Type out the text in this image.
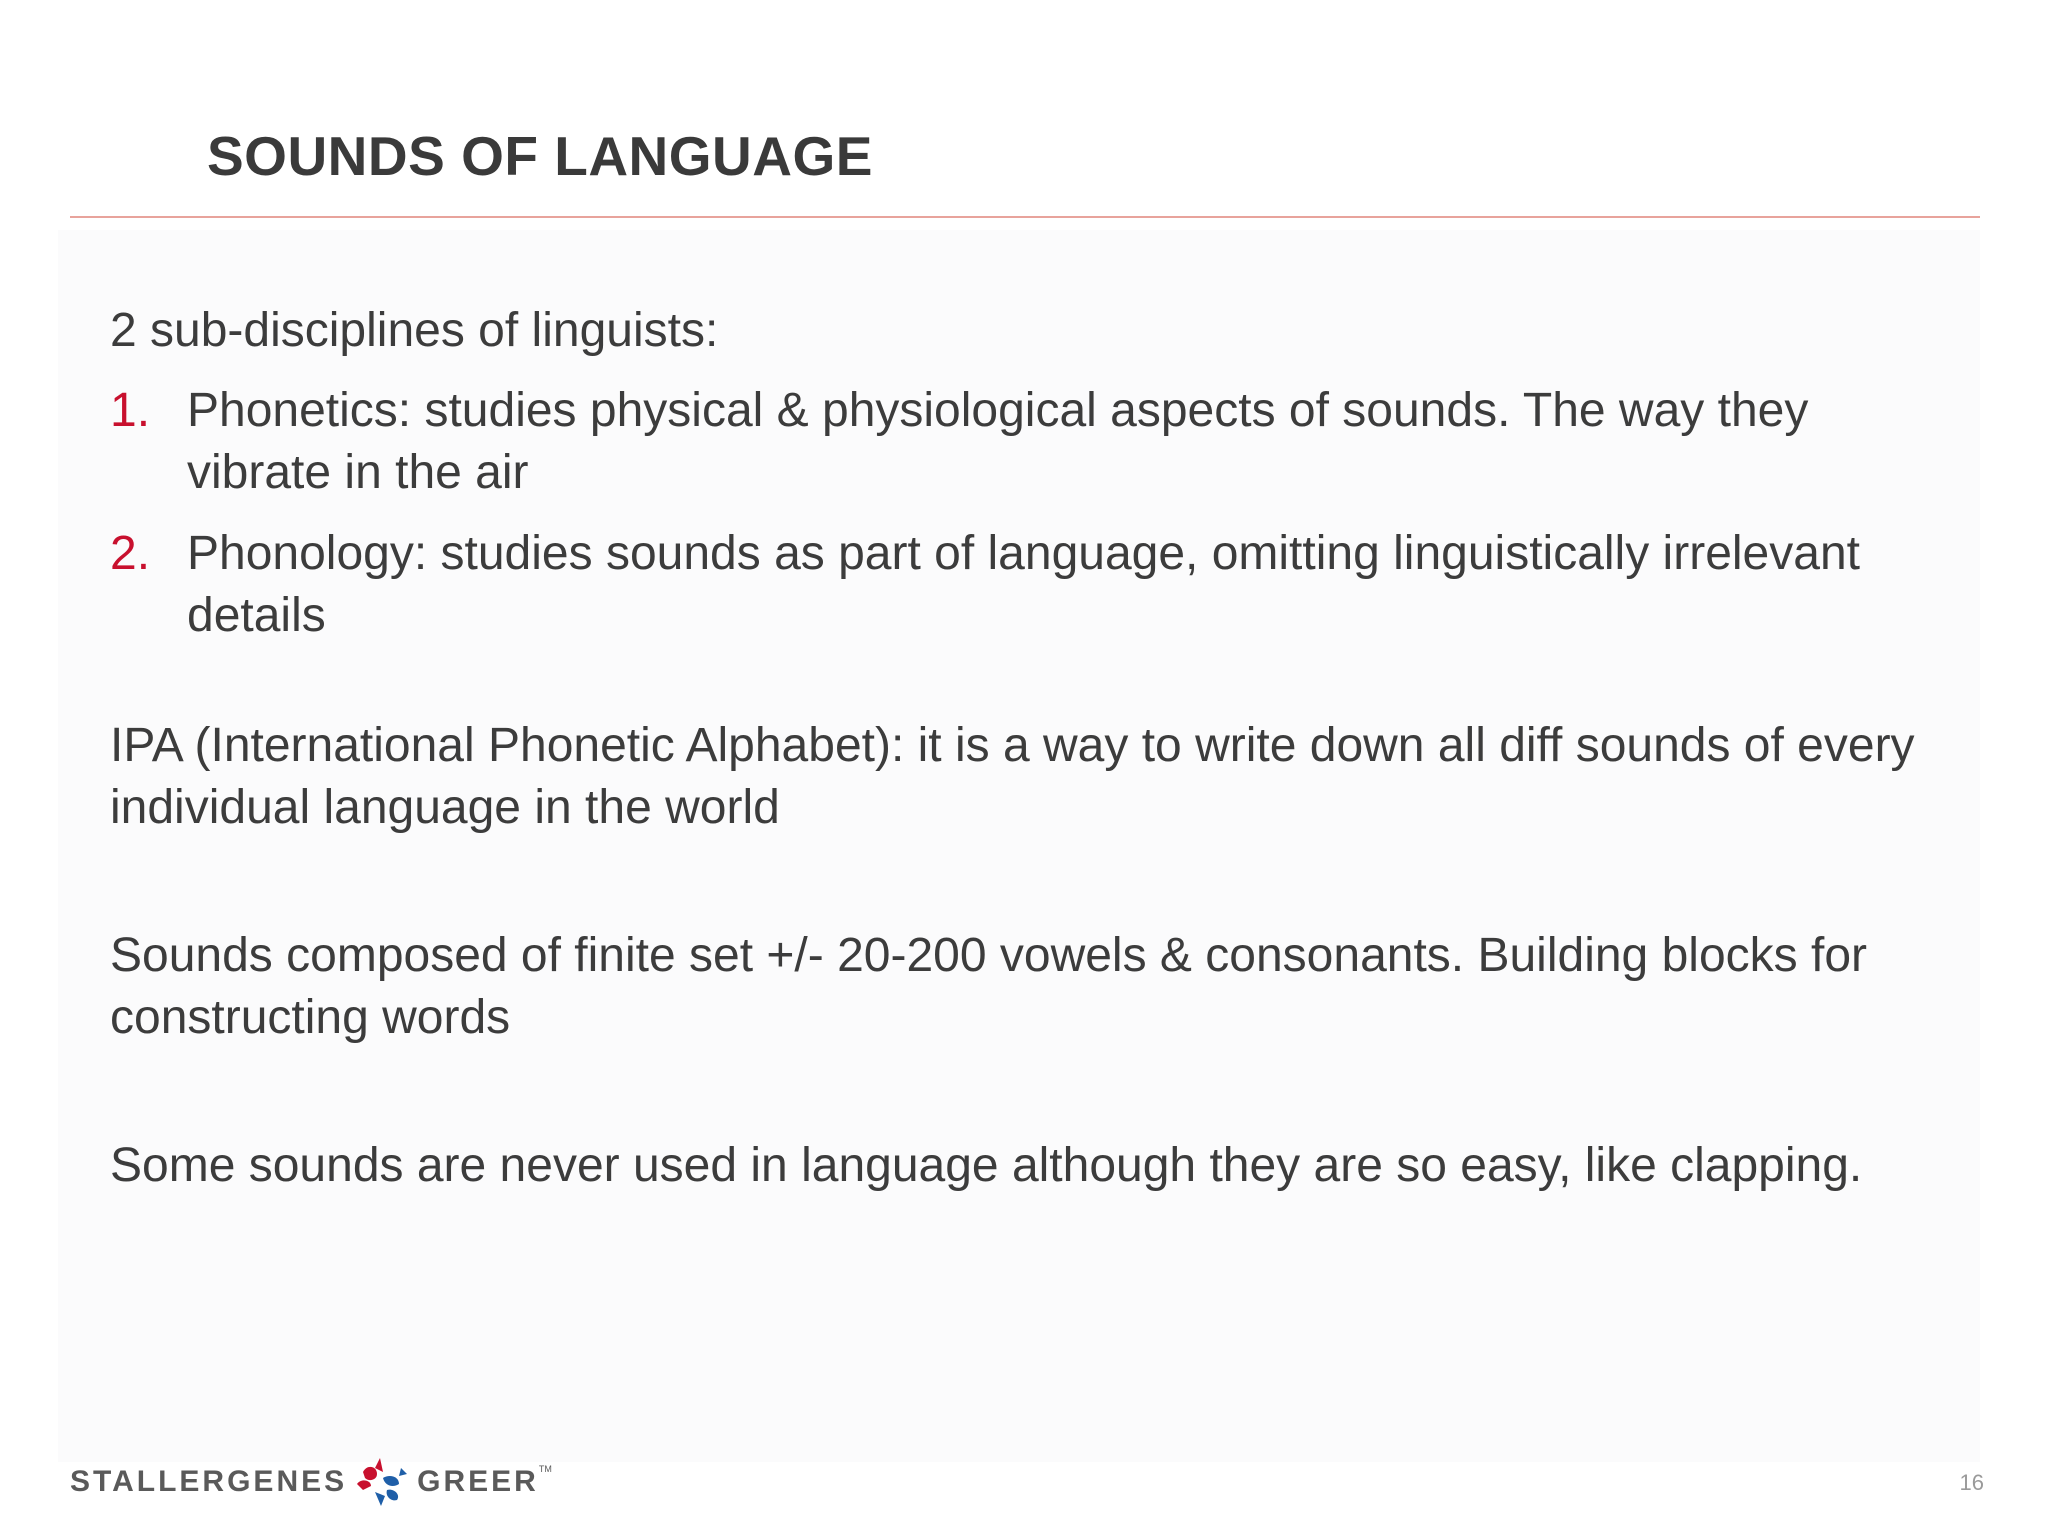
SOUNDS OF LANGUAGE

2 sub-disciplines of linguists:

1. Phonetics: studies physical & physiological aspects of sounds. The way they vibrate in the air
2. Phonology: studies sounds as part of language, omitting linguistically irrelevant details

IPA (International Phonetic Alphabet): it is a way to write down all diff sounds of every individual language in the world

Sounds composed of finite set +/- 20-200 vowels & consonants. Building blocks for constructing words

Some sounds are never used in language although they are so easy, like clapping.

STALLERGENES GREER TM
16
